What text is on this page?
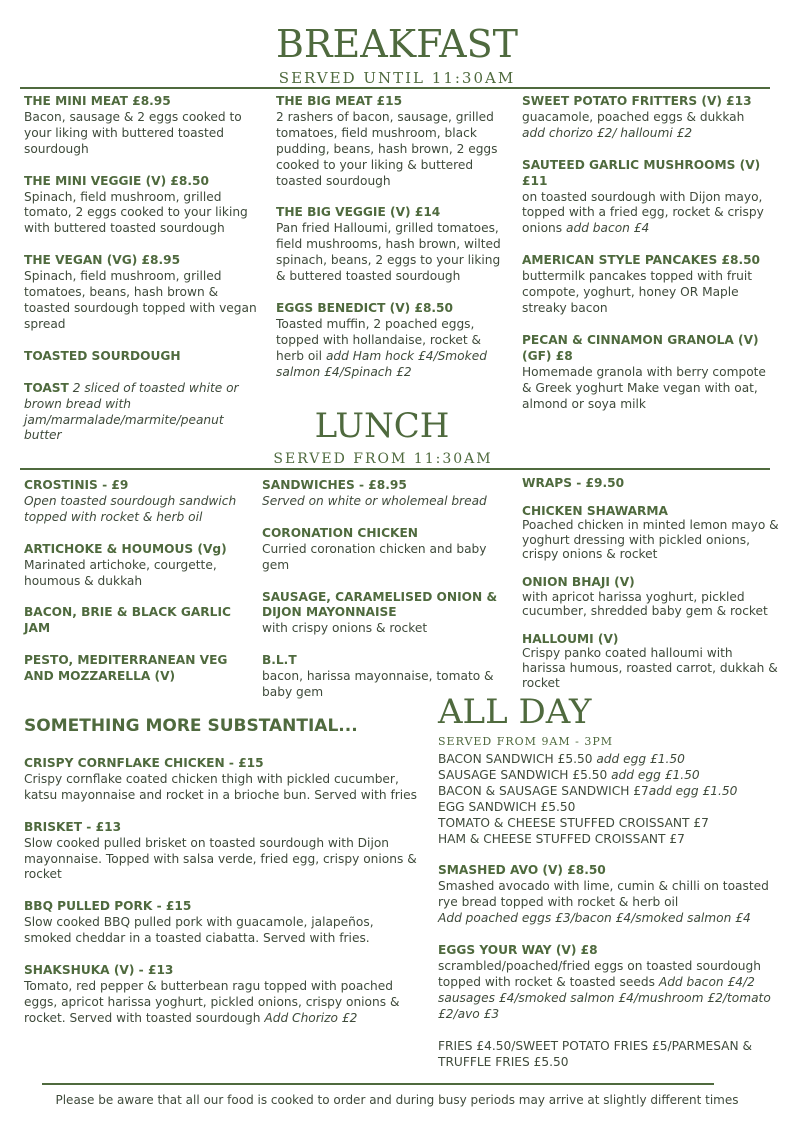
BREAKFAST
SERVED UNTIL 11:30AM
THE MINI MEAT £8.95
Bacon, sausage & 2 eggs cooked to your liking with buttered toasted sourdough
THE MINI VEGGIE (V) £8.50
Spinach, field mushroom, grilled tomato, 2 eggs cooked to your liking with buttered toasted sourdough
THE VEGAN (VG) £8.95
Spinach, field mushroom, grilled tomatoes, beans, hash brown & toasted sourdough topped with vegan spread
TOASTED SOURDOUGH
TOAST 2 sliced of toasted white or brown bread with jam/marmalade/marmite/peanut butter
THE BIG MEAT £15
2 rashers of bacon, sausage, grilled tomatoes, field mushroom, black pudding, beans, hash brown, 2 eggs cooked to your liking & buttered toasted sourdough
THE BIG VEGGIE (V) £14
Pan fried Halloumi, grilled tomatoes, field mushrooms, hash brown, wilted spinach, beans, 2 eggs to your liking & buttered toasted sourdough
EGGS BENEDICT (V) £8.50
Toasted muffin, 2 poached eggs, topped with hollandaise, rocket & herb oil add Ham hock £4/Smoked salmon £4/Spinach £2
SWEET POTATO FRITTERS (V) £13
guacamole, poached eggs & dukkah
add chorizo £2/ halloumi £2
SAUTEED GARLIC MUSHROOMS (V) £11
on toasted sourdough with Dijon mayo, topped with a fried egg, rocket & crispy onions add bacon £4
AMERICAN STYLE PANCAKES £8.50
buttermilk pancakes topped with fruit compote, yoghurt, honey OR Maple streaky bacon
PECAN & CINNAMON GRANOLA (V) (GF) £8
Homemade granola with berry compote & Greek yoghurt Make vegan with oat, almond or soya milk
LUNCH
SERVED FROM 11:30AM
CROSTINIS - £9
Open toasted sourdough sandwich topped with rocket & herb oil
ARTICHOKE & HOUMOUS (Vg)
Marinated artichoke, courgette, houmous & dukkah
BACON, BRIE & BLACK GARLIC JAM
PESTO, MEDITERRANEAN VEG AND MOZZARELLA (V)
SANDWICHES - £8.95
Served on white or wholemeal bread
CORONATION CHICKEN
Curried coronation chicken and baby gem
SAUSAGE, CARAMELISED ONION & DIJON MAYONNAISE
with crispy onions & rocket
B.L.T
bacon, harissa mayonnaise, tomato & baby gem
WRAPS - £9.50
CHICKEN SHAWARMA
Poached chicken in minted lemon mayo & yoghurt dressing with pickled onions, crispy onions & rocket
ONION BHAJI (V)
with apricot harissa yoghurt, pickled cucumber, shredded baby gem & rocket
HALLOUMI (V)
Crispy panko coated halloumi with harissa humous, roasted carrot, dukkah & rocket
SOMETHING MORE SUBSTANTIAL...
CRISPY CORNFLAKE CHICKEN - £15
Crispy cornflake coated chicken thigh with pickled cucumber, katsu mayonnaise and rocket in a brioche bun. Served with fries
BRISKET - £13
Slow cooked pulled brisket on toasted sourdough with Dijon mayonnaise. Topped with salsa verde, fried egg, crispy onions & rocket
BBQ PULLED PORK - £15
Slow cooked BBQ pulled pork with guacamole, jalapeños, smoked cheddar in a toasted ciabatta. Served with fries.
SHAKSHUKA (V) - £13
Tomato, red pepper & butterbean ragu topped with poached eggs, apricot harissa yoghurt, pickled onions, crispy onions & rocket. Served with toasted sourdough Add Chorizo £2
ALL DAY
SERVED FROM 9AM - 3PM
BACON SANDWICH £5.50 add egg £1.50
SAUSAGE SANDWICH £5.50 add egg £1.50
BACON & SAUSAGE SANDWICH £7add egg £1.50
EGG SANDWICH £5.50
TOMATO & CHEESE STUFFED CROISSANT £7
HAM & CHEESE STUFFED CROISSANT £7
SMASHED AVO (V) £8.50
Smashed avocado with lime, cumin & chilli on toasted rye bread topped with rocket & herb oil
Add poached eggs £3/bacon £4/smoked salmon £4
EGGS YOUR WAY (V) £8
scrambled/poached/fried eggs on toasted sourdough topped with rocket & toasted seeds Add bacon £4/2 sausages £4/smoked salmon £4/mushroom £2/tomato £2/avo £3
FRIES £4.50/SWEET POTATO FRIES £5/PARMESAN & TRUFFLE FRIES £5.50
Please be aware that all our food is cooked to order and during busy periods may arrive at slightly different times
